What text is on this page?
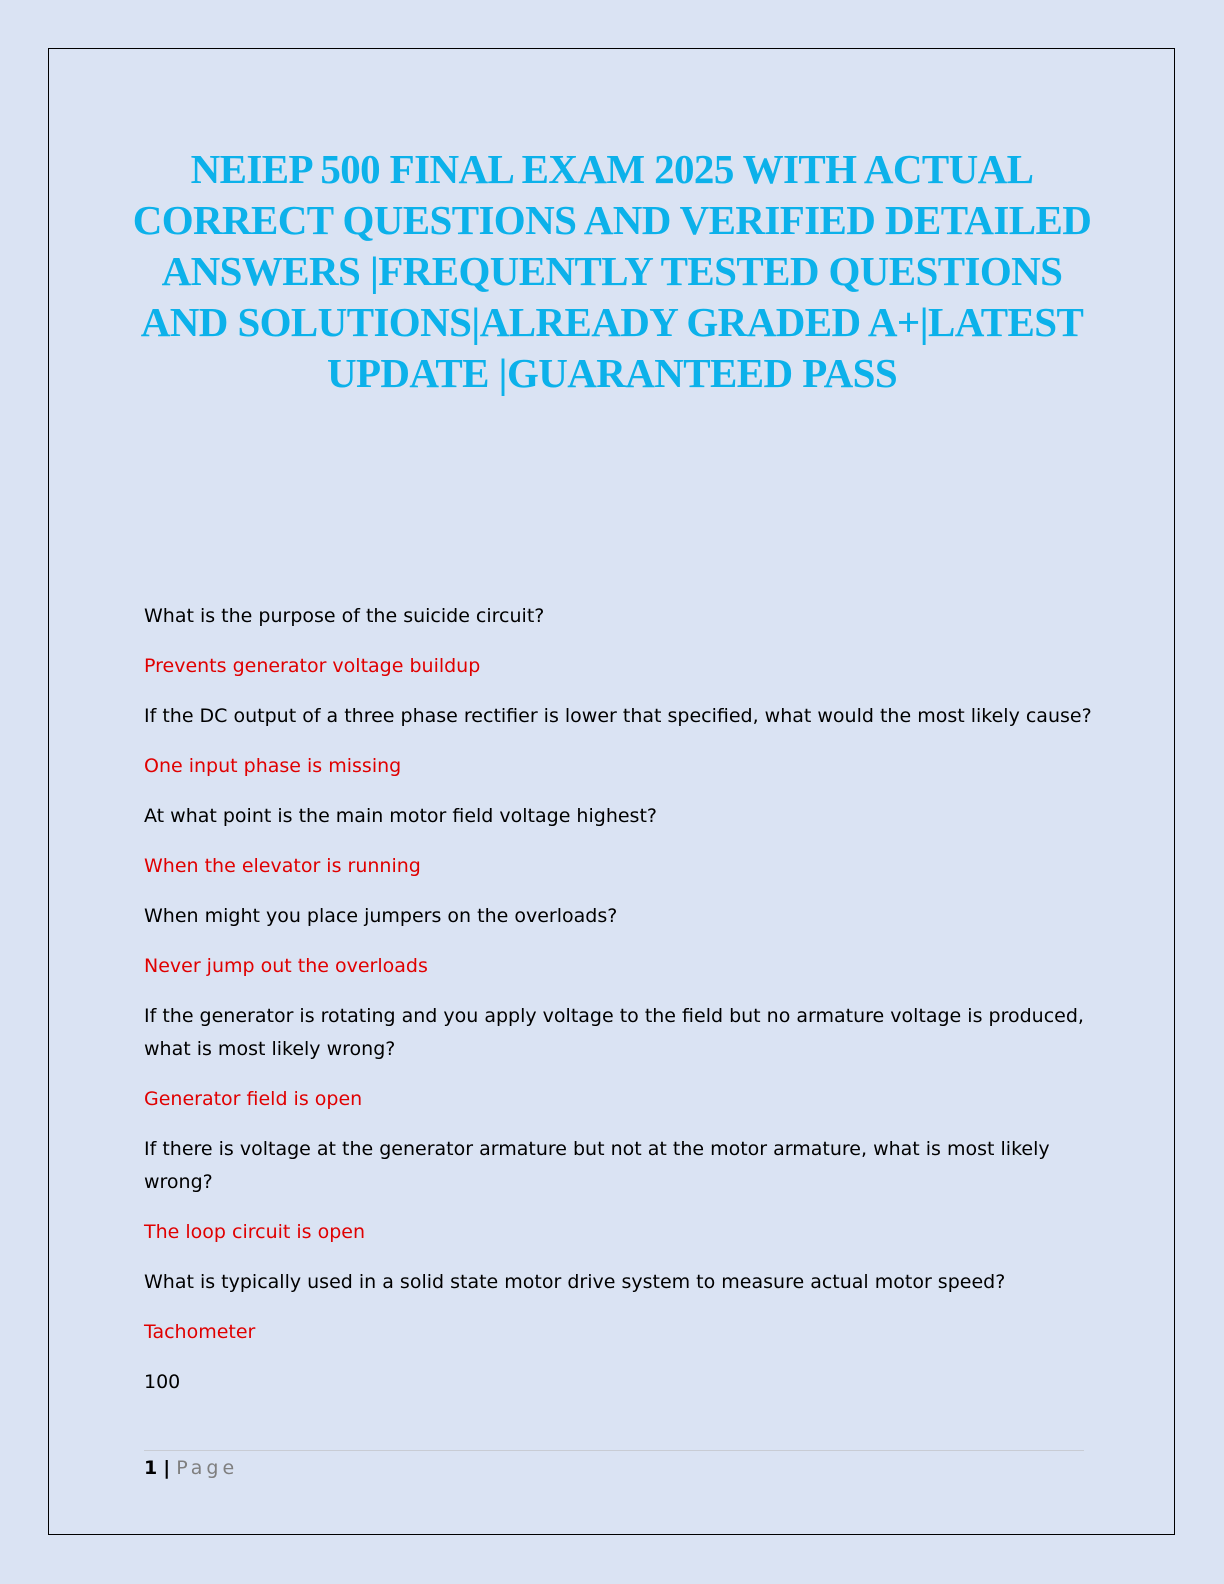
NEIEP 500 FINAL EXAM 2025 WITH ACTUAL CORRECT QUESTIONS AND VERIFIED DETAILED ANSWERS |FREQUENTLY TESTED QUESTIONS AND SOLUTIONS|ALREADY GRADED A+|LATEST UPDATE |GUARANTEED PASS

What is the purpose of the suicide circuit?

Prevents generator voltage buildup

If the DC output of a three phase rectifier is lower that specified, what would the most likely cause?

One input phase is missing

At what point is the main motor field voltage highest?

When the elevator is running

When might you place jumpers on the overloads?

Never jump out the overloads

If the generator is rotating and you apply voltage to the field but no armature voltage is produced, what is most likely wrong?

Generator field is open

If there is voltage at the generator armature but not at the motor armature, what is most likely wrong?

The loop circuit is open

What is typically used in a solid state motor drive system to measure actual motor speed?

Tachometer

100

1 | Page
